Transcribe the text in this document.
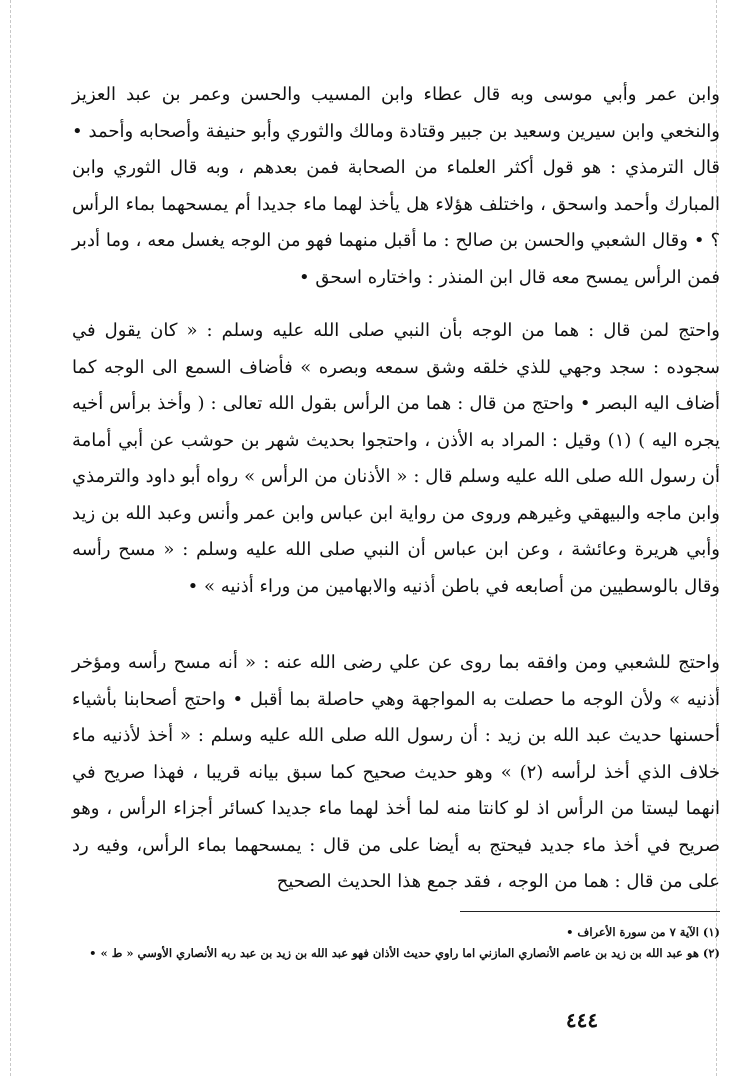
وابن عمر وأبي موسى وبه قال عطاء وابن المسيب والحسن وعمر بن عبد العزيز والنخعي وابن سيرين وسعيد بن جبير وقتادة ومالك والثوري وأبو حنيفة وأصحابه وأحمد • قال الترمذي : هو قول أكثر العلماء من الصحابة فمن بعدهم ، وبه قال الثوري وابن المبارك وأحمد واسحق ، واختلف هؤلاء هل يأخذ لهما ماء جديدا أم يمسحهما بماء الرأس ؟ • وقال الشعبي والحسن بن صالح : ما أقبل منهما فهو من الوجه يغسل معه ، وما أدبر فمن الرأس يمسح معه قال ابن المنذر : واختاره اسحق •

واحتج لمن قال : هما من الوجه بأن النبي صلى الله عليه وسلم : « كان يقول في سجوده : سجد وجهي للذي خلقه وشق سمعه وبصره » فأضاف السمع الى الوجه كما أضاف اليه البصر • واحتج من قال : هما من الرأس بقول الله تعالى : ( وأخذ برأس أخيه يجره اليه ) (١) وقيل : المراد به الأذن ، واحتجوا بحديث شهر بن حوشب عن أبي أمامة أن رسول الله صلى الله عليه وسلم قال : « الأذنان من الرأس » رواه أبو داود والترمذي وابن ماجه والبيهقي وغيرهم وروى من رواية ابن عباس وابن عمر وأنس وعبد الله بن زيد وأبي هريرة وعائشة ، وعن ابن عباس أن النبي صلى الله عليه وسلم : « مسح رأسه وقال بالوسطيين من أصابعه في باطن أذنيه والابهامين من وراء أذنيه » •

واحتج للشعبي ومن وافقه بما روى عن علي رضى الله عنه : « أنه مسح رأسه ومؤخر أذنيه » ولأن الوجه ما حصلت به المواجهة وهي حاصلة بما أقبل • واحتج أصحابنا بأشياء أحسنها حديث عبد الله بن زيد : أن رسول الله صلى الله عليه وسلم : « أخذ لأذنيه ماء خلاف الذي أخذ لرأسه (٢) » وهو حديث صحيح كما سبق بيانه قريبا ، فهذا صريح في انهما ليستا من الرأس اذ لو كانتا منه لما أخذ لهما ماء جديدا كسائر أجزاء الرأس ، وهو صريح في أخذ ماء جديد فيحتج به أيضا على من قال : يمسحهما بماء الرأس، وفيه رد على من قال : هما من الوجه ، فقد جمع هذا الحديث الصحيح

(١) الآية ٧ من سورة الأعراف •

(٢) هو عبد الله بن زيد بن عاصم الأنصاري المازني اما راوي حديث الأذان فهو عبد الله بن زيد بن عبد ربه الأنصاري الأوسي « ط » •

٤٤٤
